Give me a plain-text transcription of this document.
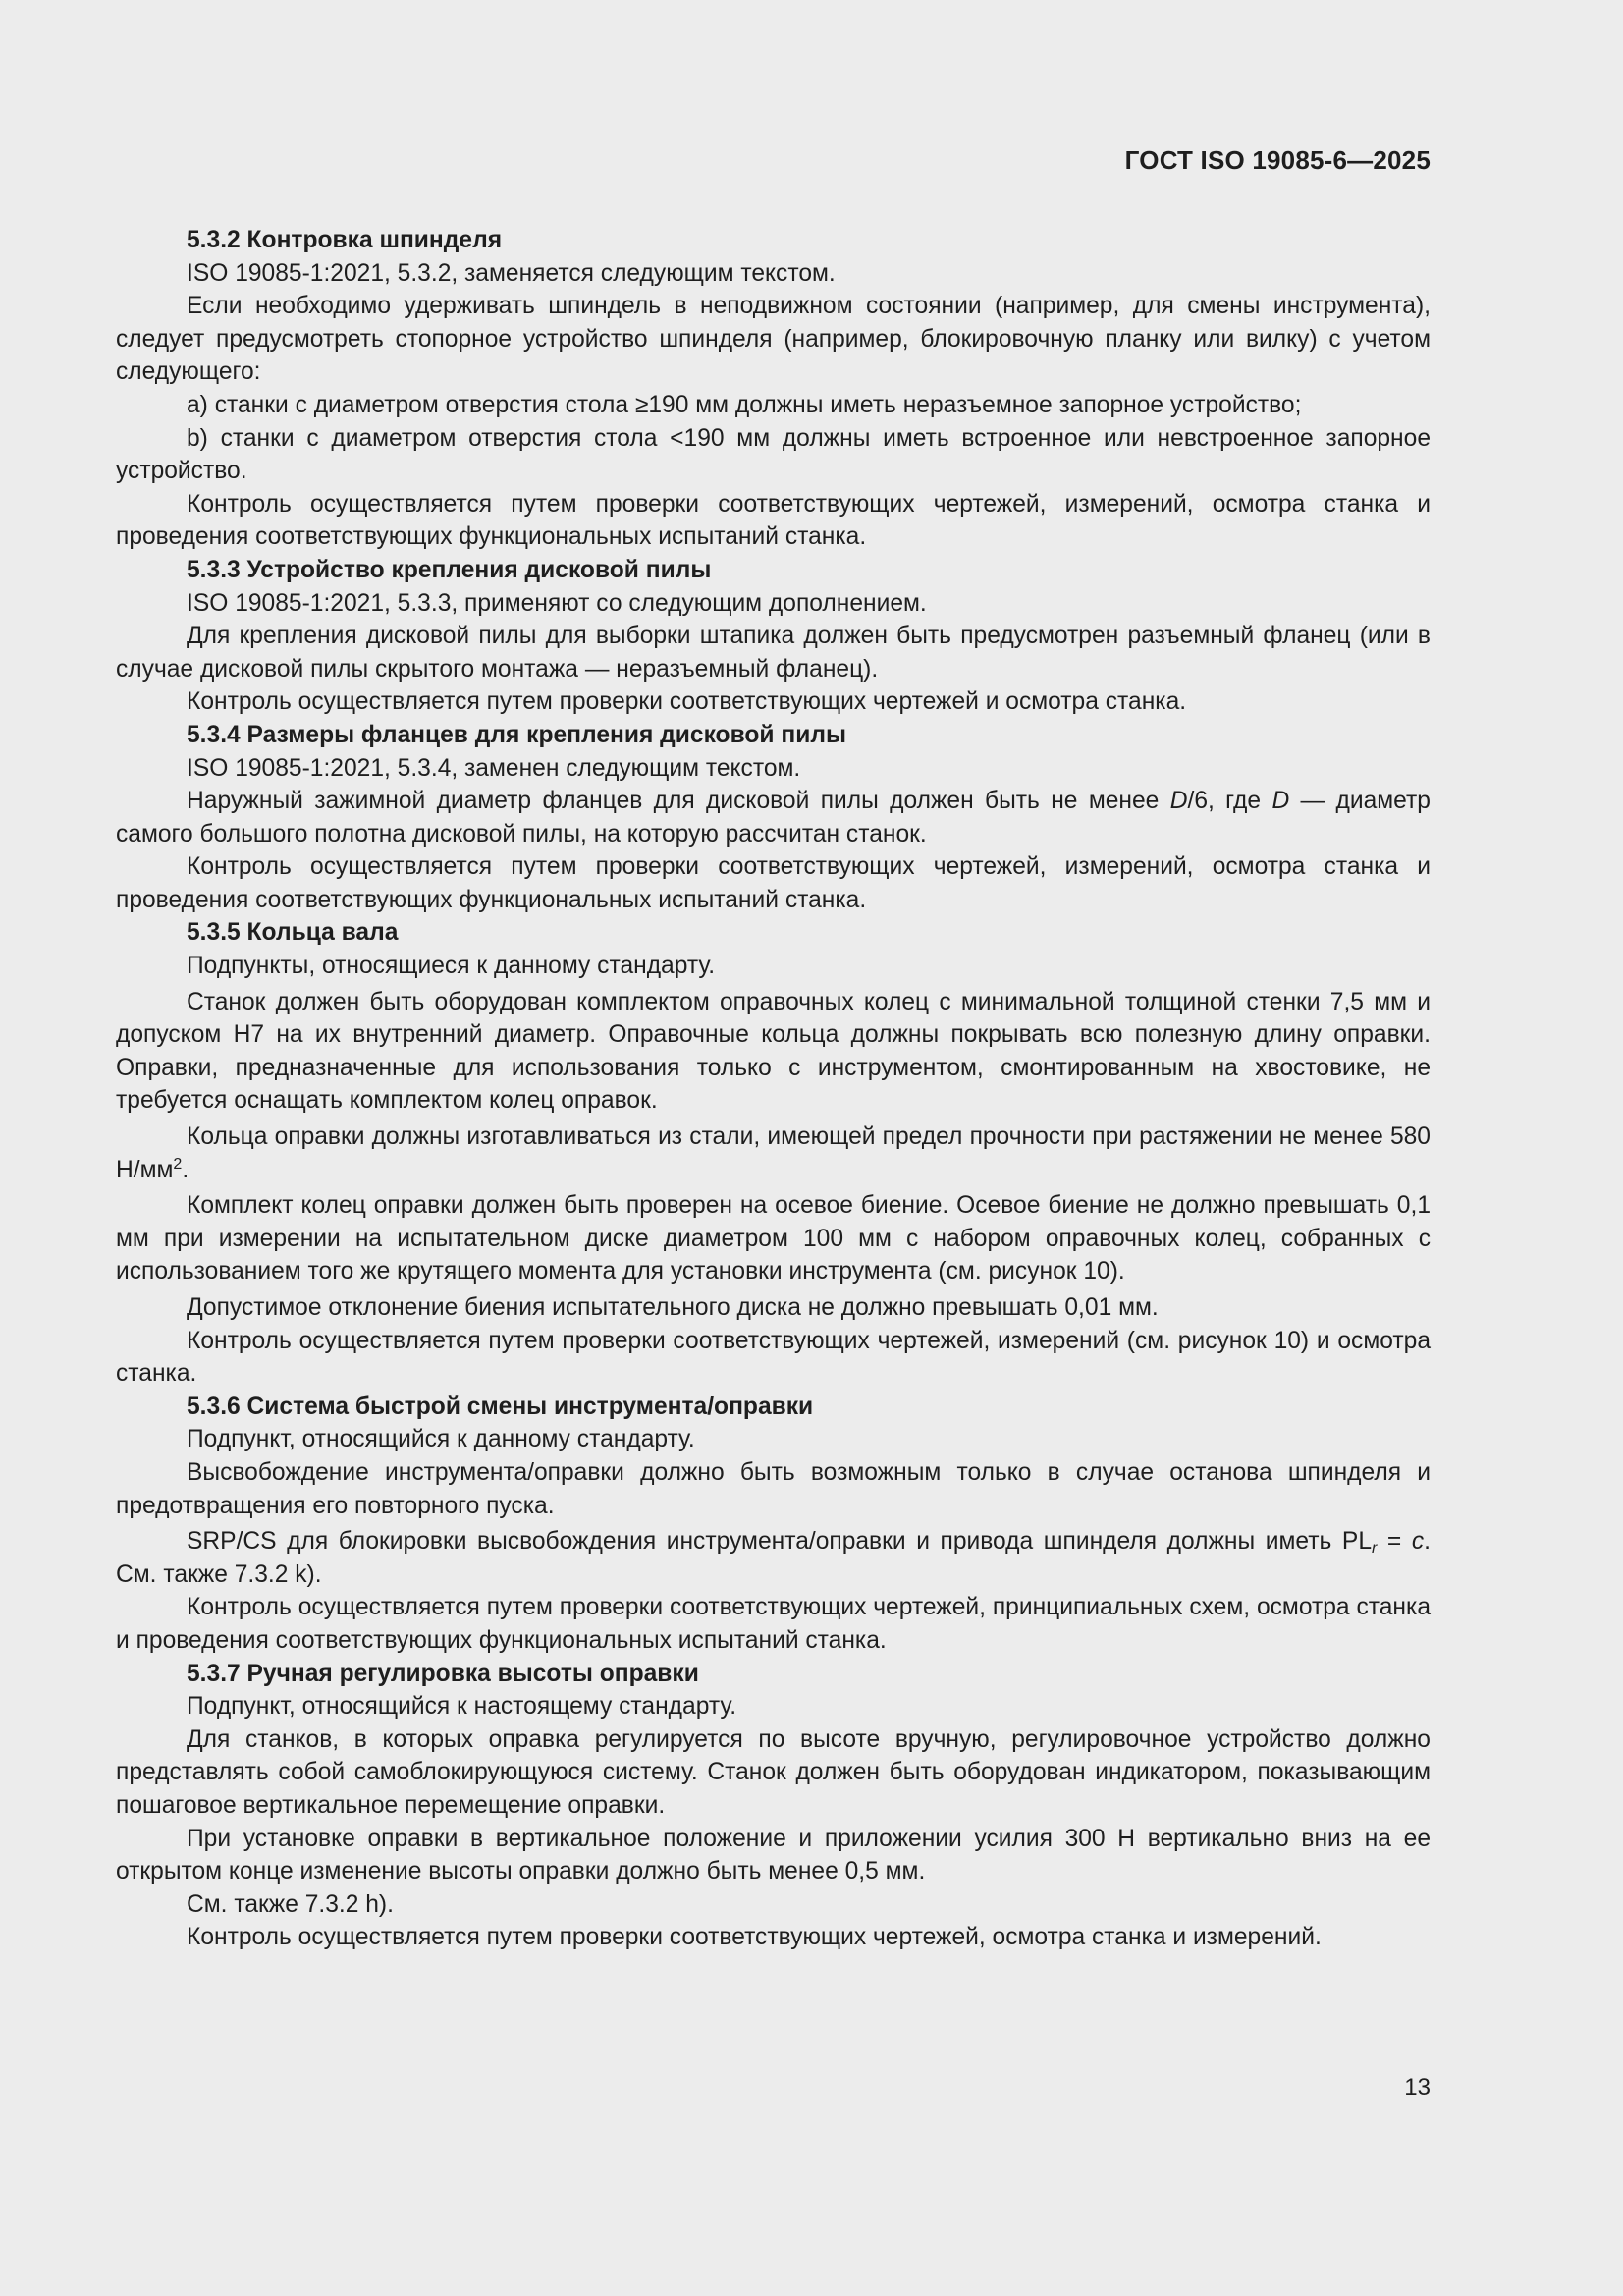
ГОСТ ISO 19085-6—2025

5.3.2 Контровка шпинделя

ISO 19085-1:2021, 5.3.2, заменяется следующим текстом.

Если необходимо удерживать шпиндель в неподвижном состоянии (например, для смены инструмента), следует предусмотреть стопорное устройство шпинделя (например, блокировочную планку или вилку) с учетом следующего:

а) станки с диаметром отверстия стола ≥190 мм должны иметь неразъемное запорное устройство;

b) станки с диаметром отверстия стола <190 мм должны иметь встроенное или невстроенное запорное устройство.

Контроль осуществляется путем проверки соответствующих чертежей, измерений, осмотра станка и проведения соответствующих функциональных испытаний станка.

5.3.3 Устройство крепления дисковой пилы

ISO 19085-1:2021, 5.3.3, применяют со следующим дополнением.

Для крепления дисковой пилы для выборки штапика должен быть предусмотрен разъемный фланец (или в случае дисковой пилы скрытого монтажа — неразъемный фланец).

Контроль осуществляется путем проверки соответствующих чертежей и осмотра станка.

5.3.4 Размеры фланцев для крепления дисковой пилы

ISO 19085-1:2021, 5.3.4, заменен следующим текстом.

Наружный зажимной диаметр фланцев для дисковой пилы должен быть не менее D/6, где D — диаметр самого большого полотна дисковой пилы, на которую рассчитан станок.

Контроль осуществляется путем проверки соответствующих чертежей, измерений, осмотра станка и проведения соответствующих функциональных испытаний станка.

5.3.5 Кольца вала

Подпункты, относящиеся к данному стандарту.

Станок должен быть оборудован комплектом оправочных колец с минимальной толщиной стенки 7,5 мм и допуском H7 на их внутренний диаметр. Оправочные кольца должны покрывать всю полезную длину оправки. Оправки, предназначенные для использования только с инструментом, смонтированным на хвостовике, не требуется оснащать комплектом колец оправок.

Кольца оправки должны изготавливаться из стали, имеющей предел прочности при растяжении не менее 580 $Н/мм^2$.

Комплект колец оправки должен быть проверен на осевое биение. Осевое биение не должно превышать 0,1 мм при измерении на испытательном диске диаметром 100 мм с набором оправочных колец, собранных с использованием того же крутящего момента для установки инструмента (см. рисунок 10).

Допустимое отклонение биения испытательного диска не должно превышать 0,01 мм.

Контроль осуществляется путем проверки соответствующих чертежей, измерений (см. рисунок 10) и осмотра станка.

5.3.6 Система быстрой смены инструмента/оправки

Подпункт, относящийся к данному стандарту.

Высвобождение инструмента/оправки должно быть возможным только в случае останова шпинделя и предотвращения его повторного пуска.

SRP/CS для блокировки высвобождения инструмента/оправки и привода шпинделя должны иметь $PL_r = c$. См. также 7.3.2 k).

Контроль осуществляется путем проверки соответствующих чертежей, принципиальных схем, осмотра станка и проведения соответствующих функциональных испытаний станка.

5.3.7 Ручная регулировка высоты оправки

Подпункт, относящийся к настоящему стандарту.

Для станков, в которых оправка регулируется по высоте вручную, регулировочное устройство должно представлять собой самоблокирующуюся систему. Станок должен быть оборудован индикатором, показывающим пошаговое вертикальное перемещение оправки.

При установке оправки в вертикальное положение и приложении усилия 300 Н вертикально вниз на ее открытом конце изменение высоты оправки должно быть менее 0,5 мм.

См. также 7.3.2 h).

Контроль осуществляется путем проверки соответствующих чертежей, осмотра станка и измерений.

13
